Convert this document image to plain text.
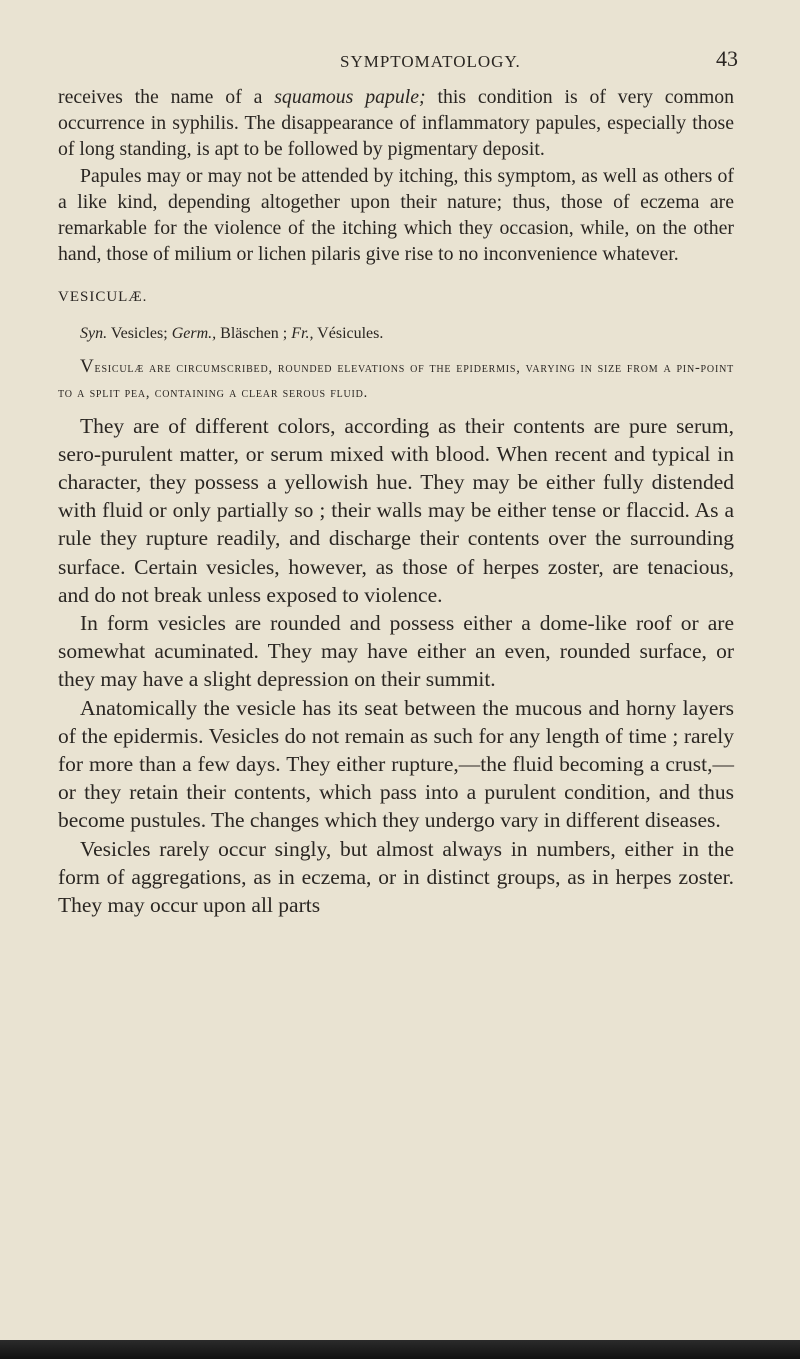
SYMPTOMATOLOGY.	43

receives the name of a squamous papule; this condition is of very common occurrence in syphilis. The disappearance of inflammatory papules, especially those of long standing, is apt to be followed by pigmentary deposit.

Papules may or may not be attended by itching, this symptom, as well as others of a like kind, depending altogether upon their nature; thus, those of eczema are remarkable for the violence of the itching which they occasion, while, on the other hand, those of milium or lichen pilaris give rise to no inconvenience whatever.

VESICULÆ.

Syn. Vesicles; Germ., Bläschen ; Fr., Vésicules.

Vesiculæ are circumscribed, rounded elevations of the epidermis, varying in size from a pin-point to a split pea, containing a clear serous fluid.

They are of different colors, according as their contents are pure serum, sero-purulent matter, or serum mixed with blood. When recent and typical in character, they possess a yellowish hue. They may be either fully distended with fluid or only partially so ; their walls may be either tense or flaccid. As a rule they rupture readily, and discharge their contents over the surrounding surface. Certain vesicles, however, as those of herpes zoster, are tenacious, and do not break unless exposed to violence.

In form vesicles are rounded and possess either a dome-like roof or are somewhat acuminated. They may have either an even, rounded surface, or they may have a slight depression on their summit.

Anatomically the vesicle has its seat between the mucous and horny layers of the epidermis. Vesicles do not remain as such for any length of time ; rarely for more than a few days. They either rupture,—the fluid becoming a crust,—or they retain their contents, which pass into a purulent condition, and thus become pustules. The changes which they undergo vary in different diseases.

Vesicles rarely occur singly, but almost always in numbers, either in the form of aggregations, as in eczema, or in distinct groups, as in herpes zoster. They may occur upon all parts
